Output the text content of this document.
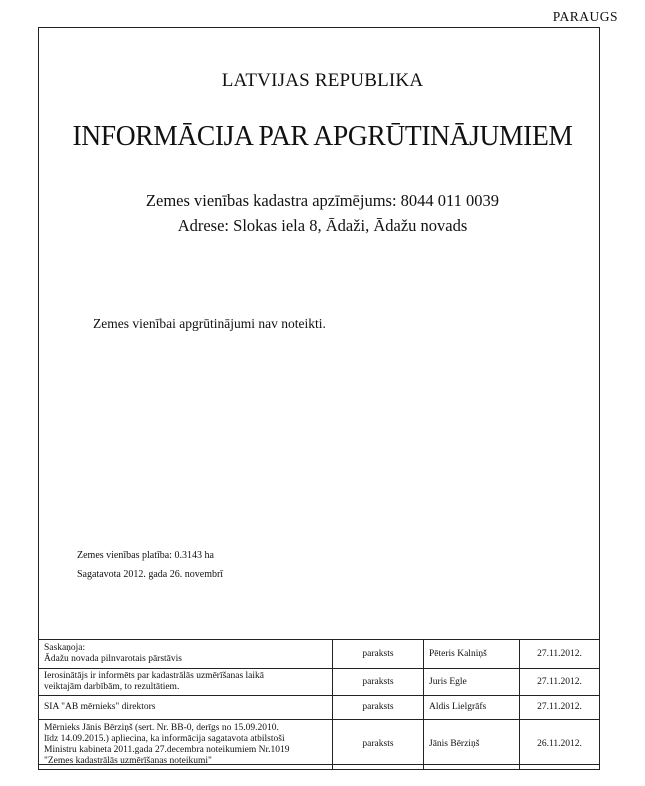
PARAUGS
LATVIJAS REPUBLIKA
INFORMĀCIJA PAR APGRŪTINĀJUMIEM
Zemes vienības kadastra apzīmējums: 8044 011 0039
Adrese: Slokas iela 8, Ādaži, Ādažu novads
Zemes vienībai apgrūtinājumi nav noteikti.
Zemes vienības platība: 0.3143 ha
Sagatavota 2012. gada 26. novembrī
Saskaņoja:
Ādažu novada pilnvarotais pārstāvis	paraksts	Pēteris Kalniņš	27.11.2012.

Ierosinātājs ir informēts par kadastrālās uzmērīšanas laikā
veiktajām darbībām, to rezultātiem.	paraksts	Juris Egle	27.11.2012.

SIA "AB mērnieks" direktors	paraksts	Aldis Lielgrāfs	27.11.2012.

Mērnieks Jānis Bērziņš (sert. Nr. BB-0, derīgs no 15.09.2010.
līdz 14.09.2015.) apliecina, ka informācija sagatavota atbilstoši
Ministru kabineta 2011.gada 27.decembra noteikumiem Nr.1019
"Zemes kadastrālās uzmērīšanas noteikumi"	paraksts	Jānis Bērziņš	26.11.2012.
